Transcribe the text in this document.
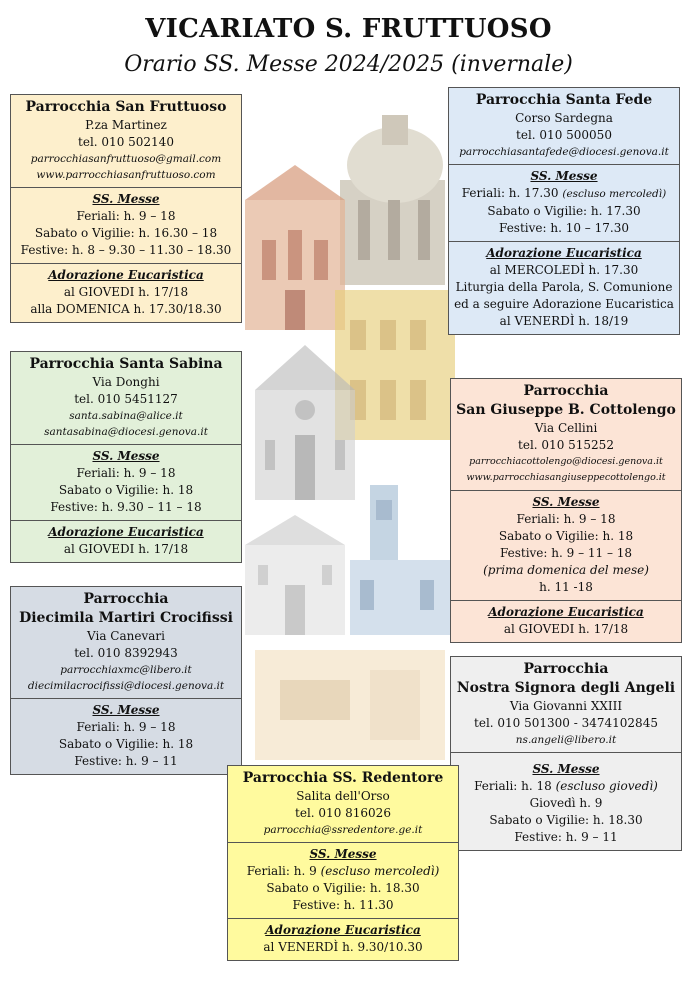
VICARIATO S. FRUTTUOSO
Orario SS. Messe 2024/2025 (invernale)
Parrocchia San Fruttuoso
P.za Martinez
tel. 010 502140
parrocchiasanfruttuoso@gmail.com
www.parrocchiasanfruttuoso.com
SS. Messe
Feriali: h. 9 – 18
Sabato o Vigilie: h. 16.30 – 18
Festive: h. 8 – 9.30 – 11.30 – 18.30
Adorazione Eucaristica
al GIOVEDI h. 17/18
alla DOMENICA h. 17.30/18.30
Parrocchia Santa Fede
Corso Sardegna
tel. 010 500050
parrocchiasantafede@diocesi.genova.it
SS. Messe
Feriali: h. 17.30 (escluso mercoledì)
Sabato o Vigilie: h. 17.30
Festive: h. 10 – 17.30
Adorazione Eucaristica
al MERCOLEDÌ h. 17.30
Liturgia della Parola, S. Comunione
ed a seguire Adorazione Eucaristica
al VENERDÌ h. 18/19
Parrocchia Santa Sabina
Via Donghi
tel. 010 5451127
santa.sabina@alice.it
santasabina@diocesi.genova.it
SS. Messe
Feriali: h. 9 – 18
Sabato o Vigilie: h. 18
Festive: h. 9.30 – 11 – 18
Adorazione Eucaristica
al GIOVEDI h. 17/18
Parrocchia
San Giuseppe B. Cottolengo
Via Cellini
tel. 010 515252
parrocchiacottolengo@diocesi.genova.it
www.parrocchiasangiuseppecottolengo.it
SS. Messe
Feriali: h. 9 – 18
Sabato o Vigilie: h. 18
Festive: h. 9 – 11 – 18
(prima domenica del mese)
h. 11 -18
Adorazione Eucaristica
al GIOVEDI h. 17/18
Parrocchia
Diecimila Martiri Crocifissi
Via Canevari
tel. 010 8392943
parrocchiaxmc@libero.it
diecimilacrocifissi@diocesi.genova.it
SS. Messe
Feriali: h. 9 – 18
Sabato o Vigilie: h. 18
Festive: h. 9 – 11
Parrocchia
Nostra Signora degli Angeli
Via Giovanni XXIII
tel. 010 501300 - 3474102845
ns.angeli@libero.it
SS. Messe
Feriali: h. 18 (escluso giovedì)
Giovedì h. 9
Sabato o Vigilie: h. 18.30
Festive: h. 9 – 11
Parrocchia SS. Redentore
Salita dell'Orso
tel. 010 816026
parrocchia@ssredentore.ge.it
SS. Messe
Feriali: h. 9 (escluso mercoledì)
Sabato o Vigilie: h. 18.30
Festive: h. 11.30
Adorazione Eucaristica
al VENERDÌ h. 9.30/10.30
